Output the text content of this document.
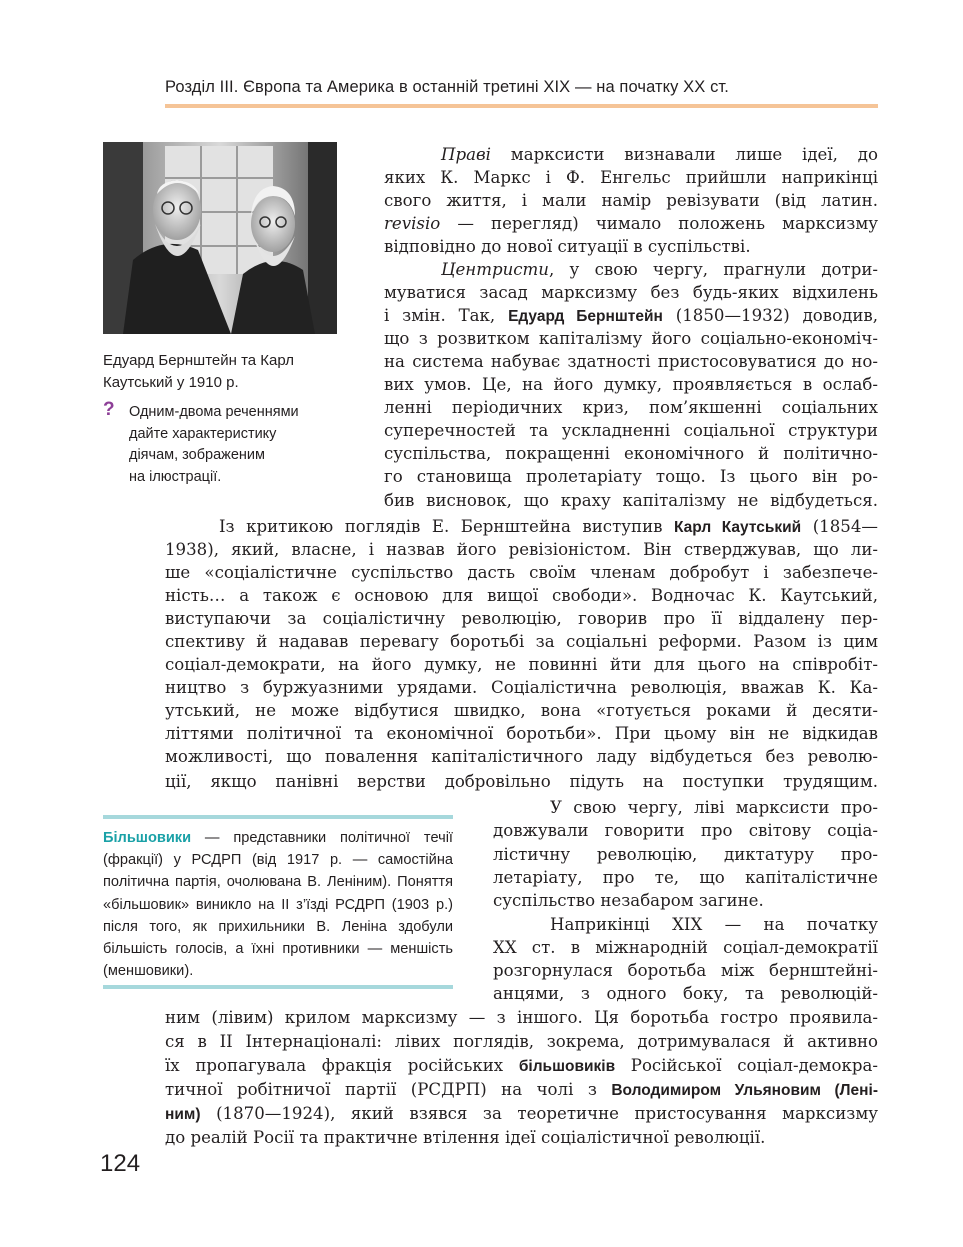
Розділ III. Європа та Америка в останній третині XIX — на початку XX ст.
Едуард Бернштейн та Карл
Каутський у 1910 р.
? Одним-двома реченнями
дайте характеристику
діячам, зображеним
на ілюстрації.
Праві марксисти визнавали лише ідеї, до
яких К. Маркс і Ф. Енгельс прийшли наприкінці
свого життя, і мали намір ревізувати (від латин.
revisio — перегляд) чимало положень марксизму
відповідно до нової ситуації в суспільстві.
Центристи, у свою чергу, прагнули дотри-
муватися засад марксизму без будь-яких відхилень
і змін. Так, Едуард Бернштейн (1850—1932) доводив,
що з розвитком капіталізму його соціально-економіч-
на система набуває здатності пристосовуватися до но-
вих умов. Це, на його думку, проявляється в ослаб-
ленні періодичних криз, пом’якшенні соціальних
суперечностей та ускладненні соціальної структури
суспільства, покращенні економічного й політично-
го становища пролетаріату тощо. Із цього він ро-
бив висновок, що краху капіталізму не відбудеться.
Із критикою поглядів Е. Бернштейна виступив Карл Каутський (1854—
1938), який, власне, і назвав його ревізіоністом. Він стверджував, що ли-
ше «соціалістичне суспільство дасть своїм членам добробут і забезпече-
ність… а також є основою для вищої свободи». Водночас К. Каутський,
виступаючи за соціалістичну революцію, говорив про її віддалену пер-
спективу й надавав перевагу боротьбі за соціальні реформи. Разом із цим
соціал-демократи, на його думку, не повинні йти для цього на співробіт-
ництво з буржуазними урядами. Соціалістична революція, вважав К. Ка-
утський, не може відбутися швидко, вона «готується роками й десяти-
літтями політичної та економічної боротьби». При цьому він не відкидав
можливості, що повалення капіталістичного ладу відбудеться без револю-
ції, якщо панівні верстви добровільно підуть на поступки трудящим.
У свою чергу, ліві марксисти про-
довжували говорити про світову соціа-
лістичну революцію, диктатуру про-
летаріату, про те, що капіталістичне
суспільство незабаром загине.
Наприкінці XIX — на початку
XX ст. в міжнародній соціал-демократії
розгорнулася боротьба між бернштейні-
анцями, з одного боку, та революцій-
ним (лівим) крилом марксизму — з іншого. Ця боротьба гостро проявила-
ся в II Інтернаціоналі: лівих поглядів, зокрема, дотримувалася й активно
їх пропагувала фракція російських більшовиків Російської соціал-демокра-
тичної робітничої партії (РСДРП) на чолі з Володимиром Ульяновим (Лені-
ним) (1870—1924), який взявся за теоретичне пристосування марксизму
до реалій Росії та практичне втілення ідеї соціалістичної революції.
Більшовики — представники політичної течії (фракції) у РСДРП (від 1917 р. — самостійна політична партія, очолювана В. Леніним). Поняття «більшовик» виникло на II з’їзді РСДРП (1903 р.) після того, як прихильники В. Леніна здобули більшість голосів, а їхні противники — меншість (меншовики).
124
